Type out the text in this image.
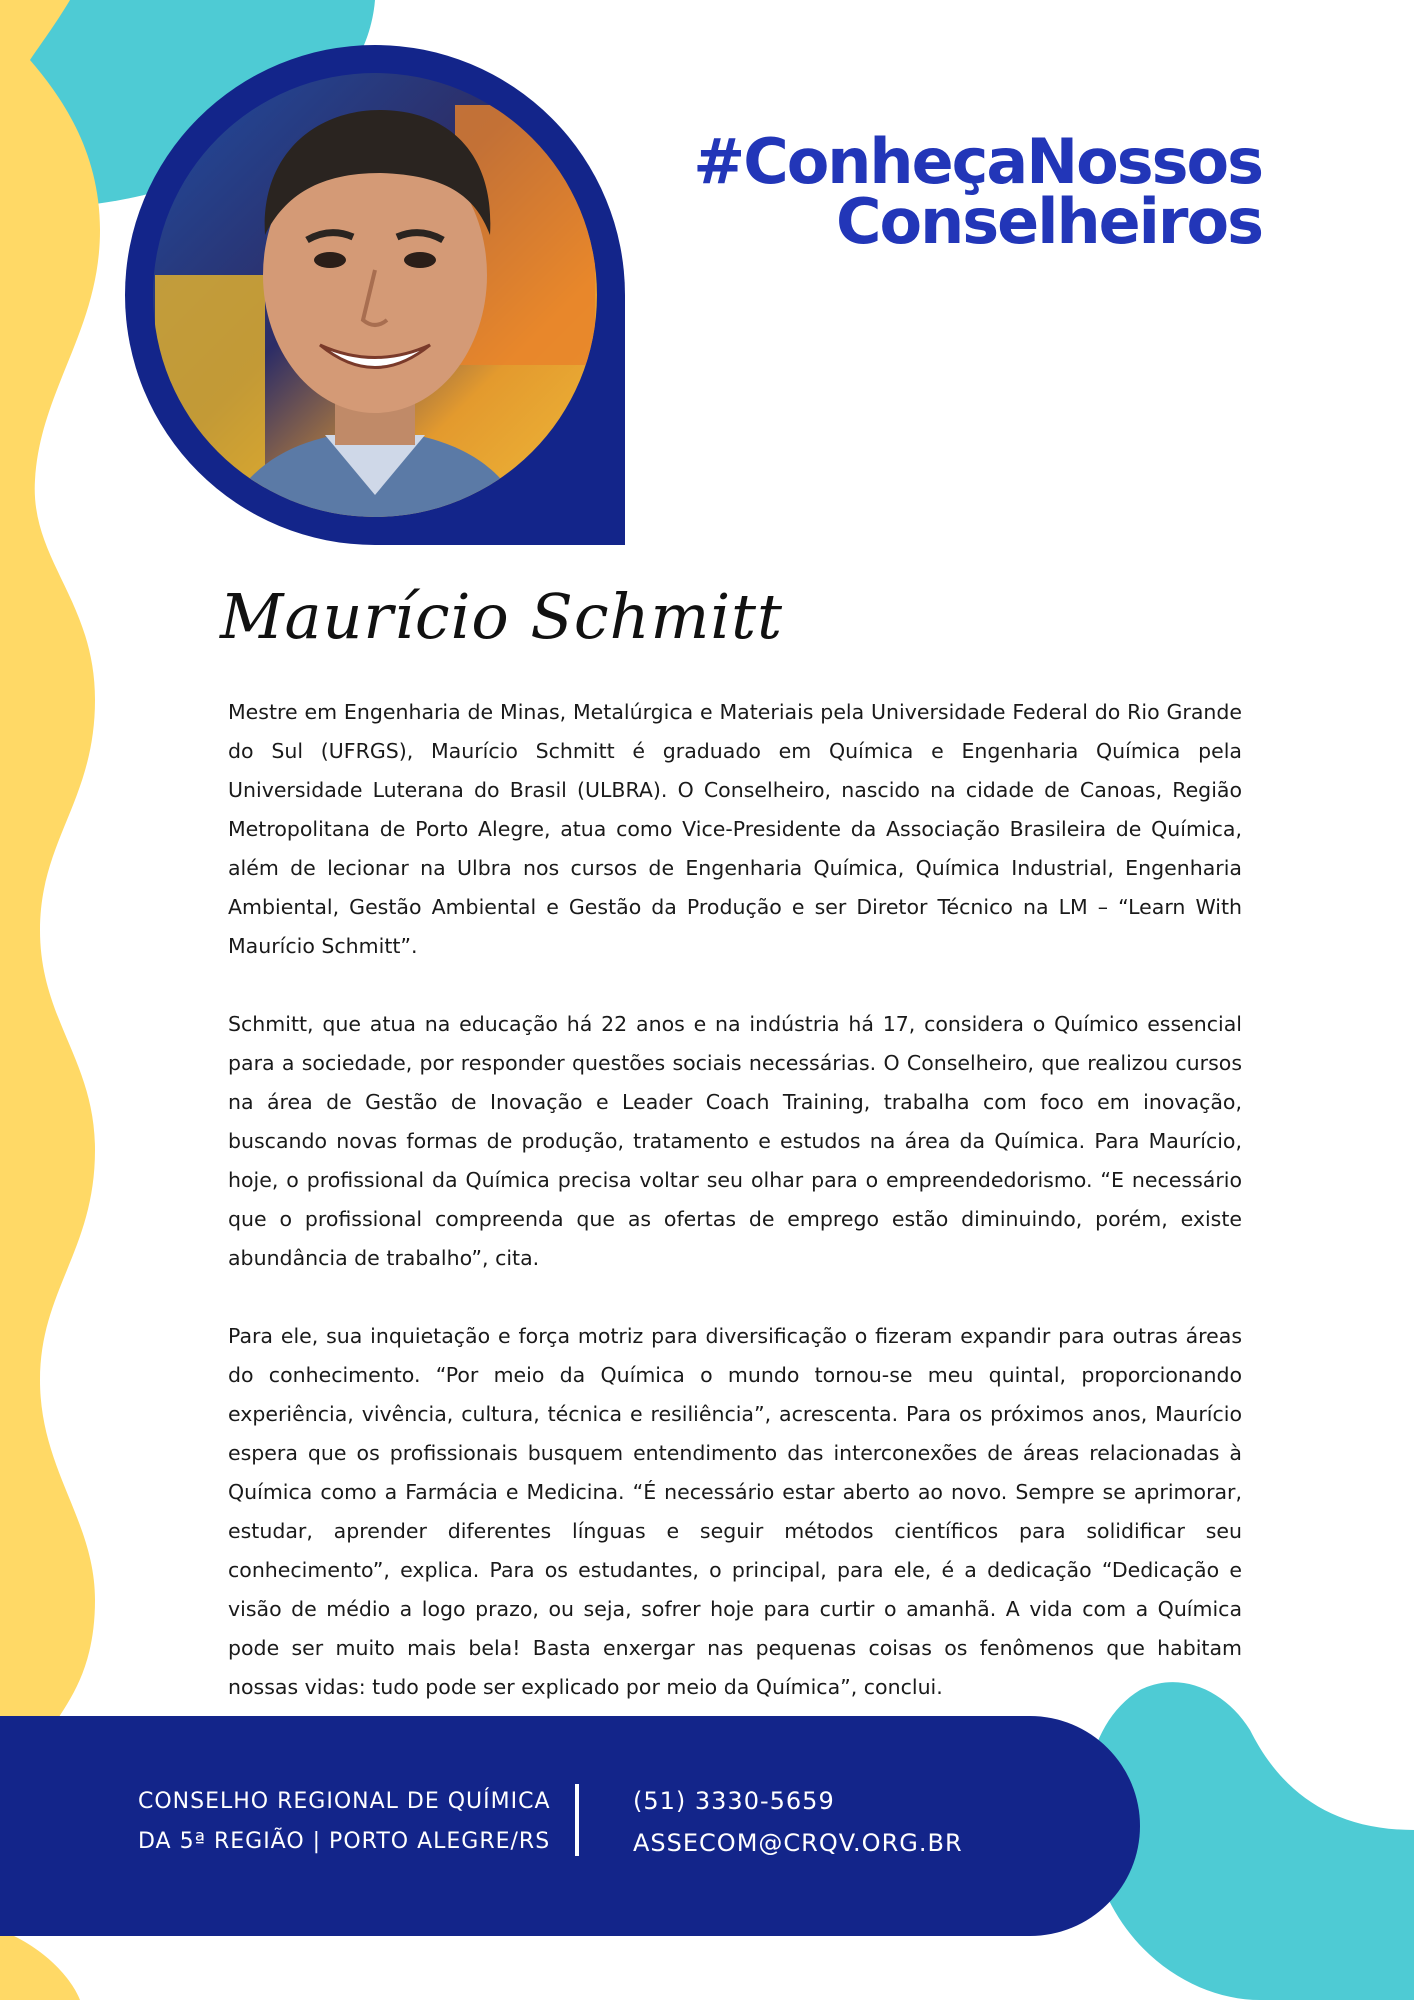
#ConheçaNossos
Conselheiros
Maurício Schmitt

Mestre em Engenharia de Minas, Metalúrgica e Materiais pela Universidade Federal do Rio Grande do Sul (UFRGS), Maurício Schmitt é graduado em Química e Engenharia Química pela Universidade Luterana do Brasil (ULBRA). O Conselheiro, nascido na cidade de Canoas, Região Metropolitana de Porto Alegre, atua como Vice-Presidente da Associação Brasileira de Química, além de lecionar na Ulbra nos cursos de Engenharia Química, Química Industrial, Engenharia Ambiental, Gestão Ambiental e Gestão da Produção e ser Diretor Técnico na LM – “Learn With Maurício Schmitt”.

Schmitt, que atua na educação há 22 anos e na indústria há 17, considera o Químico essencial para a sociedade, por responder questões sociais necessárias. O Conselheiro, que realizou cursos na área de Gestão de Inovação e Leader Coach Training, trabalha com foco em inovação, buscando novas formas de produção, tratamento e estudos na área da Química. Para Maurício, hoje, o profissional da Química precisa voltar seu olhar para o empreendedorismo. “E necessário que o profissional compreenda que as ofertas de emprego estão diminuindo, porém, existe abundância de trabalho”, cita.

Para ele, sua inquietação e força motriz para diversificação o fizeram expandir para outras áreas do conhecimento. “Por meio da Química o mundo tornou-se meu quintal, proporcionando experiência, vivência, cultura, técnica e resiliência”, acrescenta. Para os próximos anos, Maurício espera que os profissionais busquem entendimento das interconexões de áreas relacionadas à Química como a Farmácia e Medicina. “É necessário estar aberto ao novo. Sempre se aprimorar, estudar, aprender diferentes línguas e seguir métodos científicos para solidificar seu conhecimento”, explica. Para os estudantes, o principal, para ele, é a dedicação “Dedicação e visão de médio a logo prazo, ou seja, sofrer hoje para curtir o amanhã. A vida com a Química pode ser muito mais bela! Basta enxergar nas pequenas coisas os fenômenos que habitam nossas vidas: tudo pode ser explicado por meio da Química”, conclui.

CONSELHO REGIONAL DE QUÍMICA
DA 5ª REGIÃO | PORTO ALEGRE/RS
(51) 3330-5659
ASSECOM@CRQV.ORG.BR
